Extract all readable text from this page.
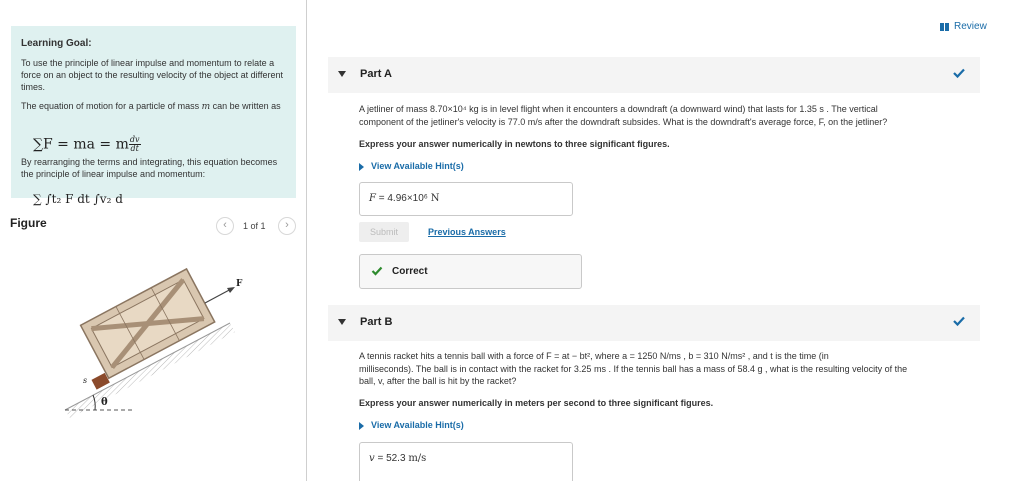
Learning Goal:
To use the principle of linear impulse and momentum to relate a force on an object to the resulting velocity of the object at different times.
The equation of motion for a particle of mass m can be written as
∑F = ma = m $\frac{dv}{dt}$
By rearranging the terms and integrating, this equation becomes the principle of linear impulse and momentum:
∑ ∫t₂ F dt ∫v₂ d
Figure	‹	1 of 1	›
θ
s
F
Review
Part A
A jetliner of mass 8.70×10⁴ kg is in level flight when it encounters a downdraft (a downward wind) that lasts for 1.35 s . The vertical
component of the jetliner's velocity is 77.0 m/s after the downdraft subsides. What is the downdraft's average force, F, on the jetliner?
Express your answer numerically in newtons to three significant figures.
View Available Hint(s)
F = 4.96×10⁶ N
Submit	Previous Answers
Correct
Part B
A tennis racket hits a tennis ball with a force of F = at − bt², where a = 1250 N/ms , b = 310 N/ms² , and t is the time (in
milliseconds). The ball is in contact with the racket for 3.25 ms . If the tennis ball has a mass of 58.4 g , what is the resulting velocity of the
ball, v, after the ball is hit by the racket?
Express your answer numerically in meters per second to three significant figures.
View Available Hint(s)
v = 52.3 m/s
